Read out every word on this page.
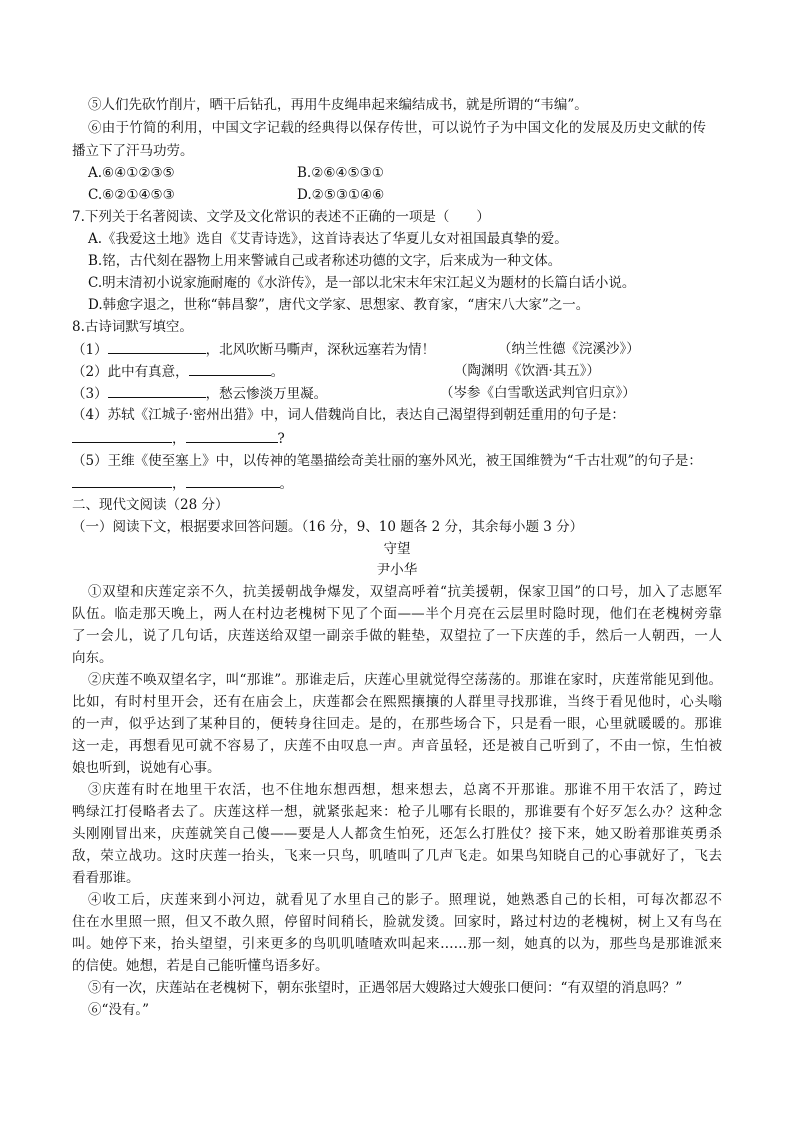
⑤人们先砍竹削片，晒干后钻孔，再用牛皮绳串起来编结成书，就是所谓的“韦编”。
⑥由于竹简的利用，中国文字记载的经典得以保存传世，可以说竹子为中国文化的发展及历史文献的传
播立下了汗马功劳。
A.⑥④①②③⑤	B.②⑥④⑤③①
C.⑥②①④⑤③	D.②⑤③①④⑥
7.下列关于名著阅读、文学及文化常识的表述不正确的一项是（　　）
A.《我爱这土地》选自《艾青诗选》，这首诗表达了华夏儿女对祖国最真挚的爱。
B.铭，古代刻在器物上用来警诫自己或者称述功德的文字，后来成为一种文体。
C.明末清初小说家施耐庵的《水浒传》，是一部以北宋末年宋江起义为题材的长篇白话小说。
D.韩愈字退之，世称“韩昌黎”，唐代文学家、思想家、教育家，“唐宋八大家”之一。
8.古诗词默写填空。
（1）	，北风吹断马嘶声，深秋远塞若为情！	（纳兰性德《浣溪沙》）
（2）此中有真意，	。	（陶渊明《饮酒·其五》）
（3）	，愁云惨淡万里凝。	（岑参《白雪歌送武判官归京》）
（4）苏轼《江城子·密州出猎》中，词人借魏尚自比，表达自己渴望得到朝廷重用的句子是：
，	?
（5）王维《使至塞上》中，以传神的笔墨描绘奇美壮丽的塞外风光，被王国维赞为“千古壮观”的句子是：
，	。
二、现代文阅读（28 分）
（一）阅读下文，根据要求回答问题。（16 分，9、10 题各 2 分，其余每小题 3 分）
守望
尹小华
①双望和庆莲定亲不久，抗美援朝战争爆发，双望高呼着“抗美援朝，保家卫国”的口号，加入了志愿军
队伍。临走那天晚上，两人在村边老槐树下见了个面——半个月亮在云层里时隐时现，他们在老槐树旁靠
了一会儿，说了几句话，庆莲送给双望一副亲手做的鞋垫，双望拉了一下庆莲的手，然后一人朝西，一人
向东。
②庆莲不唤双望名字，叫“那谁”。那谁走后，庆莲心里就觉得空荡荡的。那谁在家时，庆莲常能见到他。
比如，有时村里开会，还有在庙会上，庆莲都会在熙熙攘攘的人群里寻找那谁，当终于看见他时，心头嗡
的一声，似乎达到了某种目的，便转身往回走。是的，在那些场合下，只是看一眼，心里就暖暖的。那谁
这一走，再想看见可就不容易了，庆莲不由叹息一声。声音虽轻，还是被自己听到了，不由一惊，生怕被
娘也听到，说她有心事。
③庆莲有时在地里干农活，也不住地东想西想，想来想去，总离不开那谁。那谁不用干农活了，跨过
鸭绿江打侵略者去了。庆莲这样一想，就紧张起来：枪子儿哪有长眼的，那谁要有个好歹怎么办？这种念
头刚刚冒出来，庆莲就笑自己傻——要是人人都贪生怕死，还怎么打胜仗？接下来，她又盼着那谁英勇杀
敌，荣立战功。这时庆莲一抬头，飞来一只鸟，叽喳叫了几声飞走。如果鸟知晓自己的心事就好了，飞去
看看那谁。
④收工后，庆莲来到小河边，就看见了水里自己的影子。照理说，她熟悉自己的长相，可每次都忍不
住在水里照一照，但又不敢久照，停留时间稍长，脸就发烫。回家时，路过村边的老槐树，树上又有鸟在
叫。她停下来，抬头望望，引来更多的鸟叽叽喳喳欢叫起来……那一刻，她真的以为，那些鸟是那谁派来
的信使。她想，若是自己能听懂鸟语多好。
⑤有一次，庆莲站在老槐树下，朝东张望时，正遇邻居大嫂路过大嫂张口便问：“有双望的消息吗？”
⑥“没有。”
